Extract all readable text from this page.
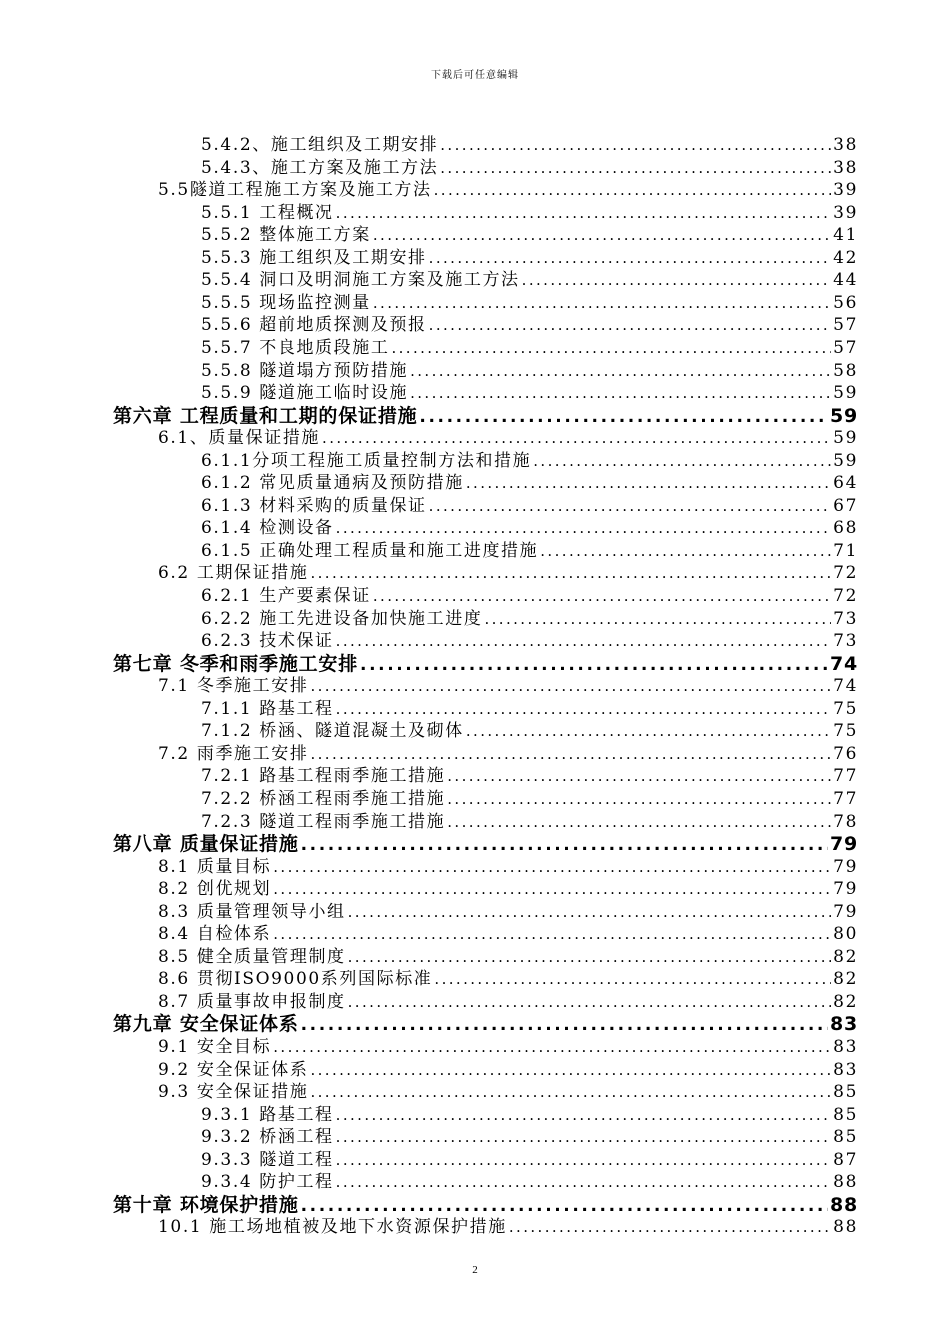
下载后可任意编辑
5.4.2、施工组织及工期安排 .....	38
5.4.3、施工方案及施工方法 .....	38
5.5隧道工程施工方案及施工方法 .....	39
5.5.1 工程概况 .....	39
5.5.2 整体施工方案 .....	41
5.5.3 施工组织及工期安排 .....	42
5.5.4 洞口及明洞施工方案及施工方法 .....	44
5.5.5 现场监控测量 .....	56
5.5.6 超前地质探测及预报 .....	57
5.5.7 不良地质段施工 .....	57
5.5.8 隧道塌方预防措施 .....	58
5.5.9 隧道施工临时设施 .....	59
第六章 工程质量和工期的保证措施 .....	59
6.1、质量保证措施 .....	59
6.1.1分项工程施工质量控制方法和措施 .....	59
6.1.2 常见质量通病及预防措施 .....	64
6.1.3 材料采购的质量保证 .....	67
6.1.4 检测设备 .....	68
6.1.5 正确处理工程质量和施工进度措施 .....	71
6.2 工期保证措施 .....	72
6.2.1 生产要素保证 .....	72
6.2.2 施工先进设备加快施工进度 .....	73
6.2.3 技术保证 .....	73
第七章 冬季和雨季施工安排 .....	74
7.1 冬季施工安排 .....	74
7.1.1 路基工程 .....	75
7.1.2 桥涵、隧道混凝土及砌体 .....	75
7.2 雨季施工安排 .....	76
7.2.1 路基工程雨季施工措施 .....	77
7.2.2 桥涵工程雨季施工措施 .....	77
7.2.3 隧道工程雨季施工措施 .....	78
第八章 质量保证措施 .....	79
8.1 质量目标 .....	79
8.2 创优规划 .....	79
8.3 质量管理领导小组 .....	79
8.4 自检体系 .....	80
8.5 健全质量管理制度 .....	82
8.6 贯彻ISO9000系列国际标准 .....	82
8.7 质量事故申报制度 .....	82
第九章 安全保证体系 .....	83
9.1 安全目标 .....	83
9.2 安全保证体系 .....	83
9.3 安全保证措施 .....	85
9.3.1 路基工程 .....	85
9.3.2 桥涵工程 .....	85
9.3.3 隧道工程 .....	87
9.3.4 防护工程 .....	88
第十章 环境保护措施 .....	88
10.1 施工场地植被及地下水资源保护措施 .....	88
2
